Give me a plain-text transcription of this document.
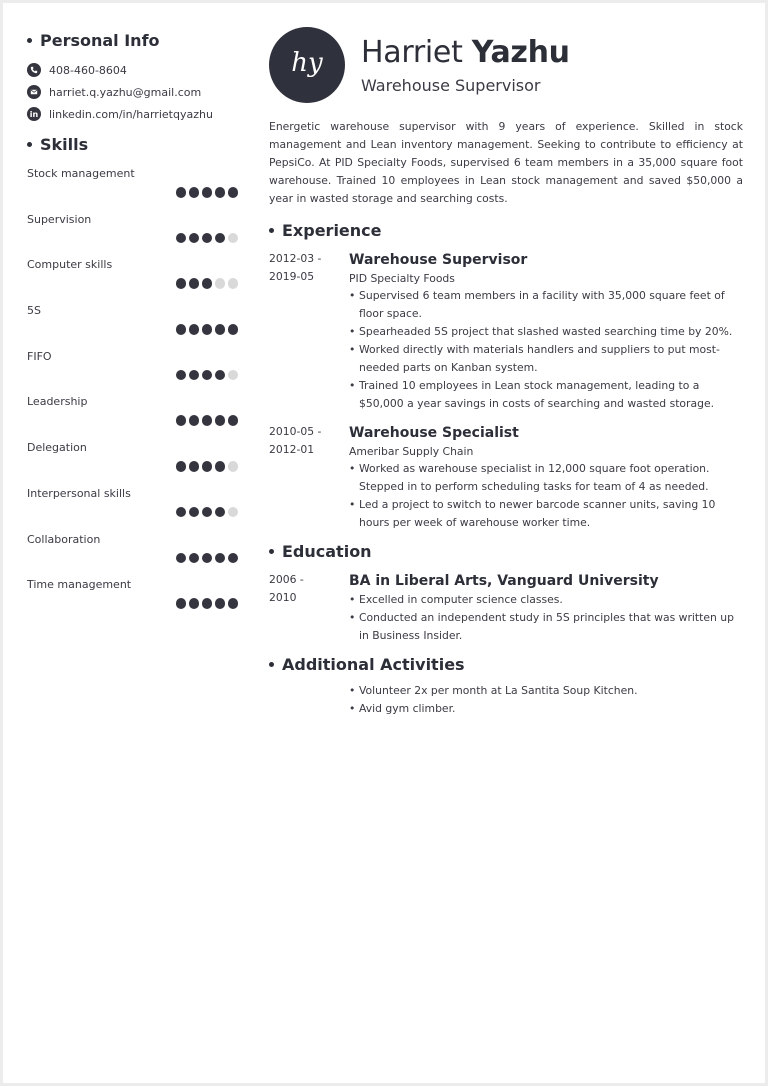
Personal Info
408-460-8604
harriet.q.yazhu@gmail.com
in linkedin.com/in/harrietqyazhu
Skills
Stock management
Supervision
Computer skills
5S
FIFO
Leadership
Delegation
Interpersonal skills
Collaboration
Time management
hy	Harriet Yazhu
Warehouse Supervisor

Energetic warehouse supervisor with 9 years of experience. Skilled in stock management and Lean inventory management. Seeking to contribute to efficiency at PepsiCo. At PID Specialty Foods, supervised 6 team members in a 35,000 square foot warehouse. Trained 10 employees in Lean stock management and saved $50,000 a year in wasted storage and searching costs.

Experience
2012-03 -
2019-05
Warehouse Supervisor
PID Specialty Foods
• Supervised 6 team members in a facility with 35,000 square feet of floor space.
• Spearheaded 5S project that slashed wasted searching time by 20%.
• Worked directly with materials handlers and suppliers to put most-needed parts on Kanban system.
• Trained 10 employees in Lean stock management, leading to a $50,000 a year savings in costs of searching and wasted storage.
2010-05 -
2012-01
Warehouse Specialist
Ameribar Supply Chain
• Worked as warehouse specialist in 12,000 square foot operation. Stepped in to perform scheduling tasks for team of 4 as needed.
• Led a project to switch to newer barcode scanner units, saving 10 hours per week of warehouse worker time.
Education
2006 -
2010
BA in Liberal Arts, Vanguard University
• Excelled in computer science classes.
• Conducted an independent study in 5S principles that was written up in Business Insider.
Additional Activities
• Volunteer 2x per month at La Santita Soup Kitchen.
• Avid gym climber.
